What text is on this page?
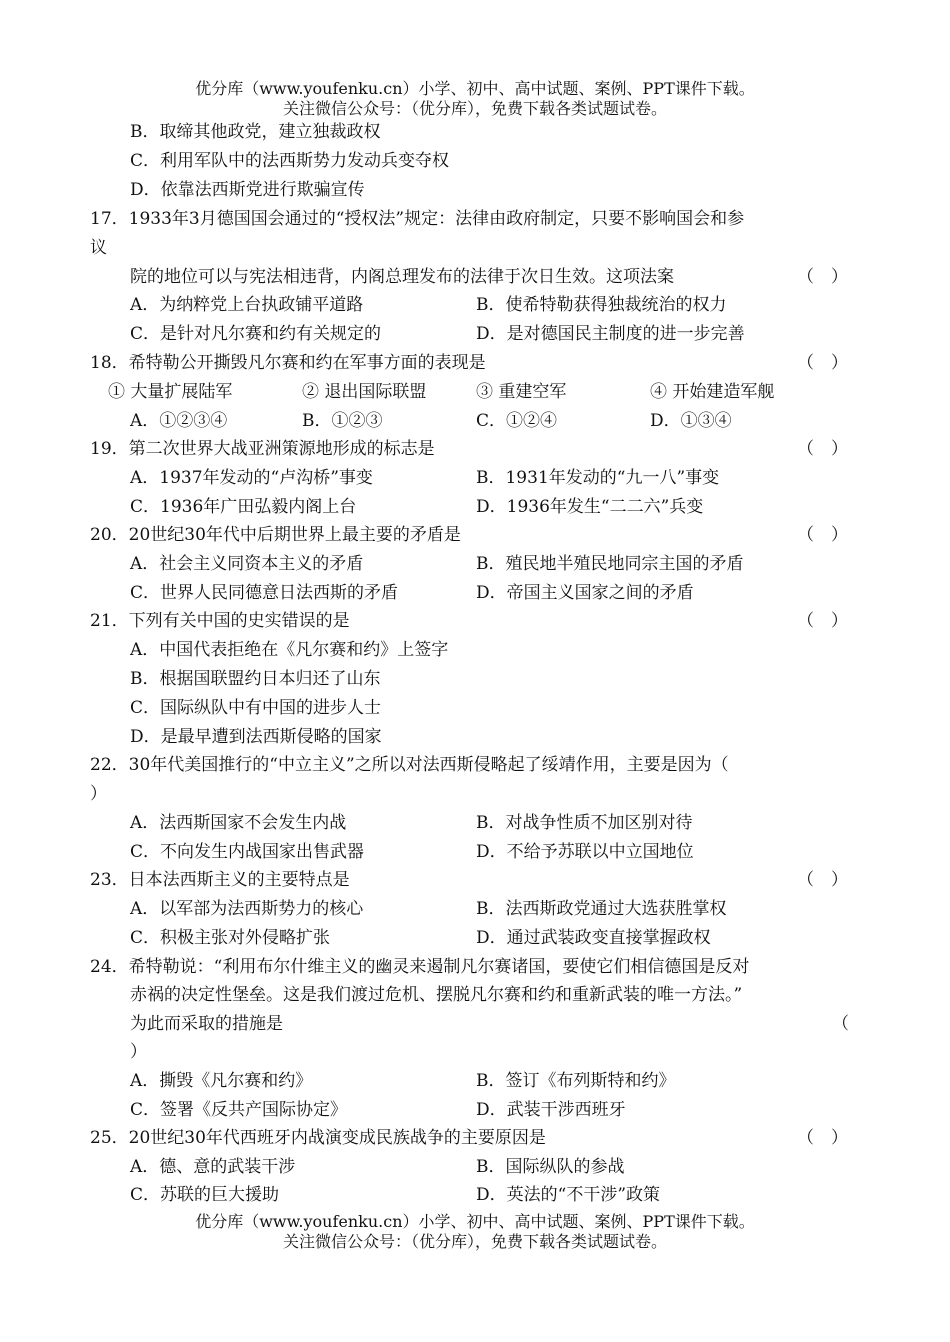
优分库（www.youfenku.cn）小学、初中、高中试题、案例、PPT课件下载。
关注微信公众号：（优分库），免费下载各类试题试卷。
B．取缔其他政党，建立独裁政权
C．利用军队中的法西斯势力发动兵变夺权
D．依靠法西斯党进行欺骗宣传
17．1933年3月德国国会通过的“授权法”规定：法律由政府制定，只要不影响国会和参
议
院的地位可以与宪法相违背，内阁总理发布的法律于次日生效。这项法案	（　）
A．为纳粹党上台执政铺平道路	B．使希特勒获得独裁统治的权力
C．是针对凡尔赛和约有关规定的	D．是对德国民主制度的进一步完善
18．希特勒公开撕毁凡尔赛和约在军事方面的表现是	（　）
① 大量扩展陆军	② 退出国际联盟	③ 重建空军	④ 开始建造军舰
A．①②③④	B．①②③	C．①②④	D．①③④
19．第二次世界大战亚洲策源地形成的标志是	（　）
A．1937年发动的“卢沟桥”事变	B．1931年发动的“九一八”事变
C．1936年广田弘毅内阁上台	D．1936年发生“二二六”兵变
20．20世纪30年代中后期世界上最主要的矛盾是	（　）
A．社会主义同资本主义的矛盾	B．殖民地半殖民地同宗主国的矛盾
C．世界人民同德意日法西斯的矛盾	D．帝国主义国家之间的矛盾
21．下列有关中国的史实错误的是	（　）
A．中国代表拒绝在《凡尔赛和约》上签字
B．根据国联盟约日本归还了山东
C．国际纵队中有中国的进步人士
D．是最早遭到法西斯侵略的国家
22．30年代美国推行的“中立主义”之所以对法西斯侵略起了绥靖作用，主要是因为（
）
A．法西斯国家不会发生内战	B．对战争性质不加区别对待
C．不向发生内战国家出售武器	D．不给予苏联以中立国地位
23．日本法西斯主义的主要特点是	（　）
A．以军部为法西斯势力的核心	B．法西斯政党通过大选获胜掌权
C．积极主张对外侵略扩张	D．通过武装政变直接掌握政权
24．希特勒说：“利用布尔什维主义的幽灵来遏制凡尔赛诸国，要使它们相信德国是反对
赤祸的决定性堡垒。这是我们渡过危机、摆脱凡尔赛和约和重新武装的唯一方法。”
为此而采取的措施是	（
）
A．撕毁《凡尔赛和约》	B．签订《布列斯特和约》
C．签署《反共产国际协定》	D．武装干涉西班牙
25．20世纪30年代西班牙内战演变成民族战争的主要原因是	（　）
A．德、意的武装干涉	B．国际纵队的参战
C．苏联的巨大援助	D．英法的“不干涉”政策
优分库（www.youfenku.cn）小学、初中、高中试题、案例、PPT课件下载。
关注微信公众号：（优分库），免费下载各类试题试卷。
